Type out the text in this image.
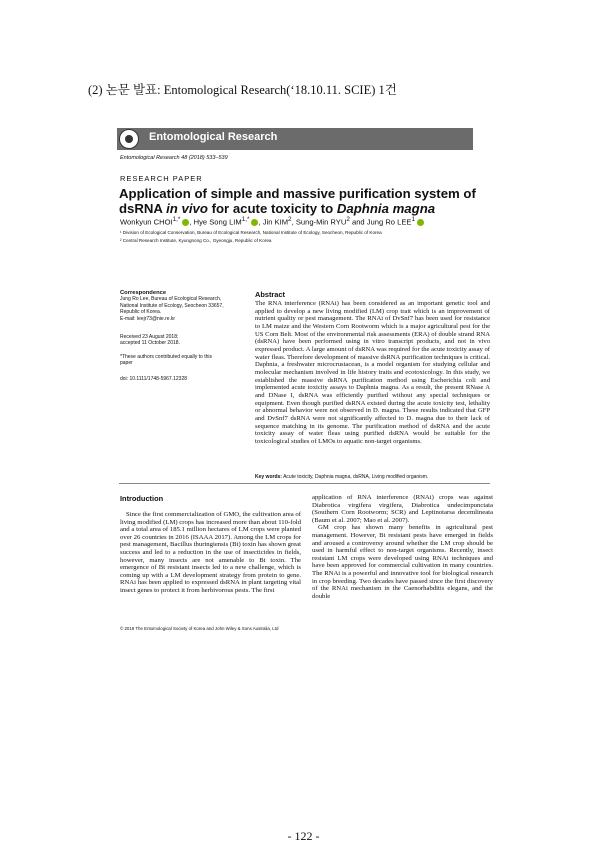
(2) 논문 발표: Entomological Research(‘18.10.11. SCIE) 1건
Entomological Research
Entomological Research 48 (2018) 533–539
RESEARCH PAPER
Application of simple and massive purification system of dsRNA in vivo for acute toxicity to Daphnia magna
Wonkyun $CHOI^{1,*}$ , Hye Song $LIM^{1,*}$ , Jin KIM$^2$, Sung-Min RYU$^2$ and Jung Ro LEE$^1$
¹ Division of Ecological Conservation, Bureau of Ecological Research, National Institute of Ecology, Seocheon, Republic of Korea
² Central Research Institute, Kyungnong Co., Gyeongju, Republic of Korea
Correspondence
Jung Ro Lee, Bureau of Ecological Research,
National Institute of Ecology, Seocheon 33657,
Republic of Korea.
E-mail: leejr73@nie.re.kr
Received 23 August 2018;
accepted 11 October 2018.
*These authors contributed equally to this paper
doi: 10.1111/1748-5967.12328
Abstract
The RNA interference (RNAi) has been considered as an important genetic tool and applied to develop a new living modified (LM) crop trait which is an improvement of nutrient quality or pest management. The RNAi of DvSnf7 has been used for resistance to LM maize and the Western Corn Rootworm which is a major agricultural pest for the US Corn Belt. Most of the environmental risk assessments (ERA) of double strand RNA (dsRNA) have been performed using in vitro transcript products, and not in vivo expressed product. A large amount of dsRNA was required for the acute toxicity assay of water fleas. Therefore development of massive dsRNA purification techniques is critical. Daphnia, a freshwater microcrustacean, is a model organism for studying cellular and molecular mechanism involved in life history traits and ecotoxicology. In this study, we established the massive dsRNA purification method using Escherichia coli and implemented acute toxicity assays to Daphnia magna. As a result, the present RNase A and DNase I, dsRNA was efficiently purified without any special techniques or equipment. Even though purified dsRNA existed during the acute toxicity test, lethality or abnormal behavior were not observed in D. magna. These results indicated that GFP and DvSnf7 dsRNA were not significantly affected to D. magna due to their lack of sequence matching in its genome. The purification method of dsRNA and the acute toxicity assay of water fleas using purified dsRNA would be suitable for the toxicological studies of LMOs to aquatic non-target organisms.
Key words: Acute toxicity, Daphnia magna, dsRNA, Living modified organism.
Introduction

Since the first commercialization of GMO, the cultivation area of living modified (LM) crops has increased more than about 110-fold and a total area of 185.1 million hectares of LM crops were planted over 26 countries in 2016 (ISAAA 2017). Among the LM crops for pest management, Bacillus thuringiensis (Bt) toxin has shown great success and led to a reduction in the use of insecticides in fields, however, many insects are not amenable to Bt toxin. The emergence of Bt resistant insects led to a new challenge, which is coming up with a LM development strategy from protein to gene. RNAi has been applied to expressed dsRNA in plant targeting vital insect genes to protect it from herbivorous pests. The first

application of RNA interference (RNAi) crops was against Diabrotica virgifera virgifera, Diabrotica undecimpunctata (Southern Corn Rootworm; SCR) and Leptinotarsa decemlineata (Baum et al. 2007; Mao et al. 2007).

GM crop has shown many benefits in agricultural pest management. However, Bt resistant pests have emerged in fields and aroused a controversy around whether the LM crop should be used in harmful effect to non-target organisms. Recently, insect resistant LM crops were developed using RNAi techniques and have been approved for commercial cultivation in many countries. The RNAi is a powerful and innovative tool for biological research in crop breeding. Two decades have passed since the first discovery of the RNAi mechanism in the Caenorhabditis elegans, and the double

© 2018 The Entomological Society of Korea and John Wiley & Sons Australia, Ltd
- 122 -
